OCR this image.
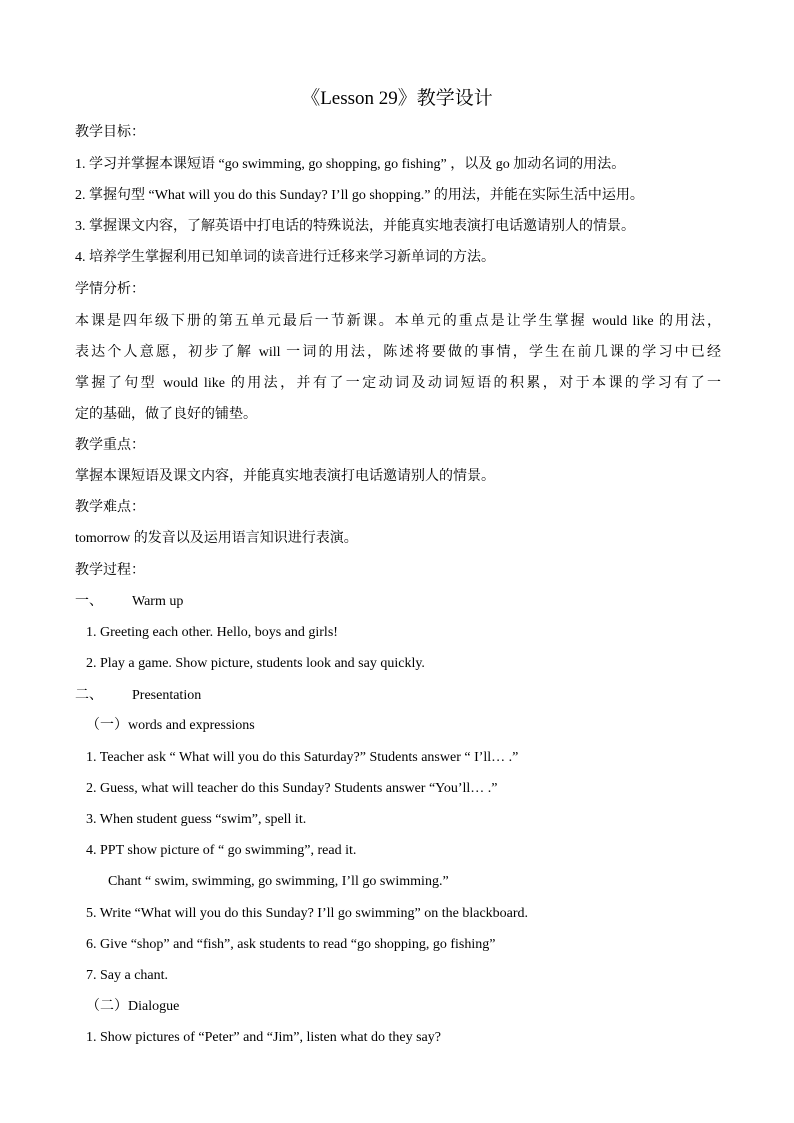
《Lesson 29》教学设计
教学目标：
1. 学习并掌握本课短语 “go swimming, go shopping, go fishing” ，以及 go 加动名词的用法。
2. 掌握句型 “What will you do this Sunday? I’ll go shopping.” 的用法，并能在实际生活中运用。
3. 掌握课文内容，了解英语中打电话的特殊说法，并能真实地表演打电话邀请别人的情景。
4. 培养学生掌握利用已知单词的读音进行迁移来学习新单词的方法。
学情分析：
本课是四年级下册的第五单元最后一节新课。本单元的重点是让学生掌握 would like 的用法，
表达个人意愿，初步了解 will 一词的用法，陈述将要做的事情，学生在前几课的学习中已经
掌握了句型 would like 的用法，并有了一定动词及动词短语的积累，对于本课的学习有了一
定的基础，做了良好的铺垫。
教学重点：
掌握本课短语及课文内容，并能真实地表演打电话邀请别人的情景。
教学难点：
tomorrow 的发音以及运用语言知识进行表演。
教学过程：
一、 Warm up
1. Greeting each other. Hello, boys and girls!
2. Play a game. Show picture, students look and say quickly.
二、 Presentation
（一）words and expressions
1. Teacher ask “ What will you do this Saturday?” Students answer “ I’ll… .”
2. Guess, what will teacher do this Sunday? Students answer “You’ll… .”
3. When student guess “swim”, spell it.
4. PPT show picture of “ go swimming”, read it.
Chant “ swim, swimming, go swimming, I’ll go swimming.”
5. Write “What will you do this Sunday? I’ll go swimming” on the blackboard.
6. Give “shop” and “fish”, ask students to read “go shopping, go fishing”
7. Say a chant.
（二）Dialogue
1. Show pictures of “Peter” and “Jim”, listen what do they say?
